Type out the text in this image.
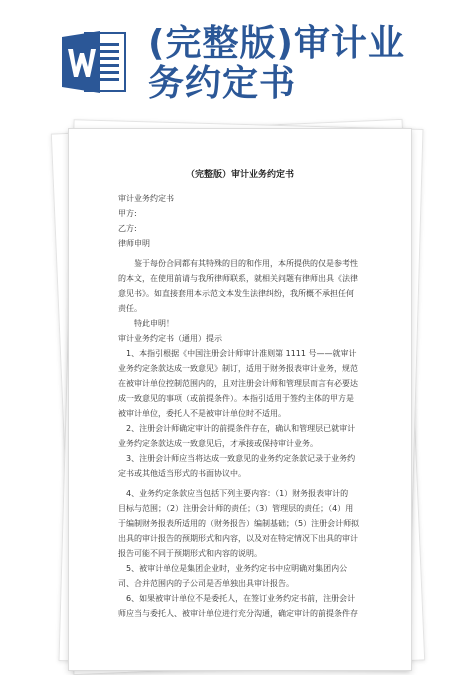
(完整版)审计业
务约定书
（完整版）审计业务约定书
审计业务约定书
甲方:
乙方:
律师申明
鉴于每份合同都有其特殊的目的和作用，本所提供的仅是参考性
的本文，在使用前请与我所律师联系，就相关问题有律师出具《法律
意见书》。如直接套用本示范文本发生法律纠纷，我所概不承担任何
责任。
特此申明！
审计业务约定书（通用）提示
1、本指引根据《中国注册会计师审计准则第 1111 号——就审计
业务约定条款达成一致意见》制订，适用于财务报表审计业务，规范
在被审计单位控制范围内的，且对注册会计师和管理层而言有必要达
成一致意见的事项（或前提条件）。本指引适用于签约主体的甲方是
被审计单位，委托人不是被审计单位时不适用。
2、注册会计师确定审计的前提条件存在，确认和管理层已就审计
业务约定条款达成一致意见后，才承接或保持审计业务。
3、注册会计师应当将达成一致意见的业务约定条款记录于业务约
定书或其他适当形式的书面协议中。
4、业务约定条款应当包括下列主要内容：（1）财务报表审计的
目标与范围；（2）注册会计师的责任；（3）管理层的责任；（4）用
于编制财务报表所适用的（财务报告）编制基础；（5）注册会计师拟
出具的审计报告的预期形式和内容，以及对在特定情况下出具的审计
报告可能不同于预期形式和内容的说明。
5、被审计单位是集团企业时，业务约定书中应明确对集团内公
司、合并范围内的子公司是否单独出具审计报告。
6、如果被审计单位不是委托人，在签订业务约定书前，注册会计
师应当与委托人、被审计单位进行充分沟通，确定审计的前提条件存
